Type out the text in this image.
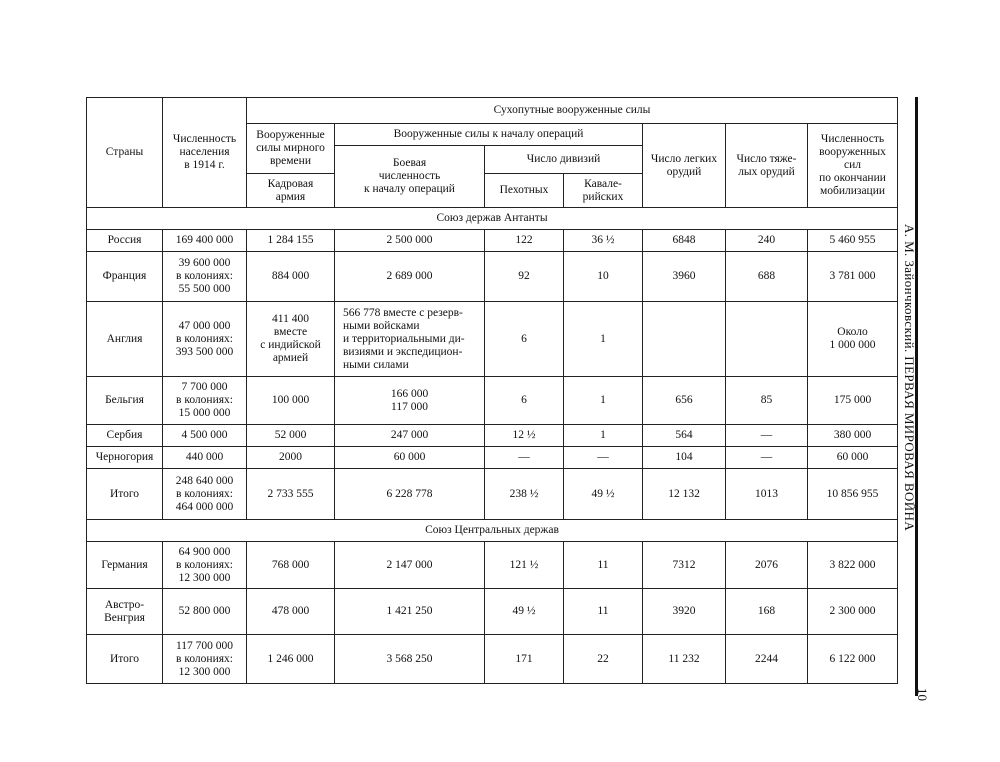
Страны	Численность
населения
в 1914 г.	Сухопутные вооруженные силы						
		Вооруженные
силы мирного
времени	Вооруженные силы к началу операций			Число легких
орудий	Число тяже-
лых орудий	Численность
вооруженных
сил
по окончании
мобилизации
			Боевая
численность
к началу операций	Число дивизий				
		Кадровая
армия		Пехотных	Кавале-
рийских			
Союз держав Антанты								
Россия	169 400 000	1 284 155	2 500 000	122	36 ½	6848	240	5 460 955
Франция	39 600 000
в колониях:
55 500 000	884 000	2 689 000	92	10	3960	688	3 781 000
Англия	47 000 000
в колониях:
393 500 000	411 400
вместе
с индийской
армией	566 778 вместе с резерв-
ными войсками
и территориальными ди-
визиями и экспедицион-
ными силами	6	1			Около
1 000 000
Бельгия	7 700 000
в колониях:
15 000 000	100 000	166 000
117 000	6	1	656	85	175 000
Сербия	4 500 000	52 000	247 000	12 ½	1	564	—	380 000
Черногория	440 000	2000	60 000	—	—	104	—	60 000
Итого	248 640 000
в колониях:
464 000 000	2 733 555	6 228 778	238 ½	49 ½	12 132	1013	10 856 955
Союз Центральных держав								
Германия	64 900 000
в колониях:
12 300 000	768 000	2 147 000	121 ½	11	7312	2076	3 822 000
Австро-
Венгрия	52 800 000	478 000	1 421 250	49 ½	11	3920	168	2 300 000
Итого	117 700 000
в колониях:
12 300 000	1 246 000	3 568 250	171	22	11 232	2244	6 122 000
А. М. Зайончковский. ПЕРВАЯ МИРОВАЯ ВОЙНА
10
